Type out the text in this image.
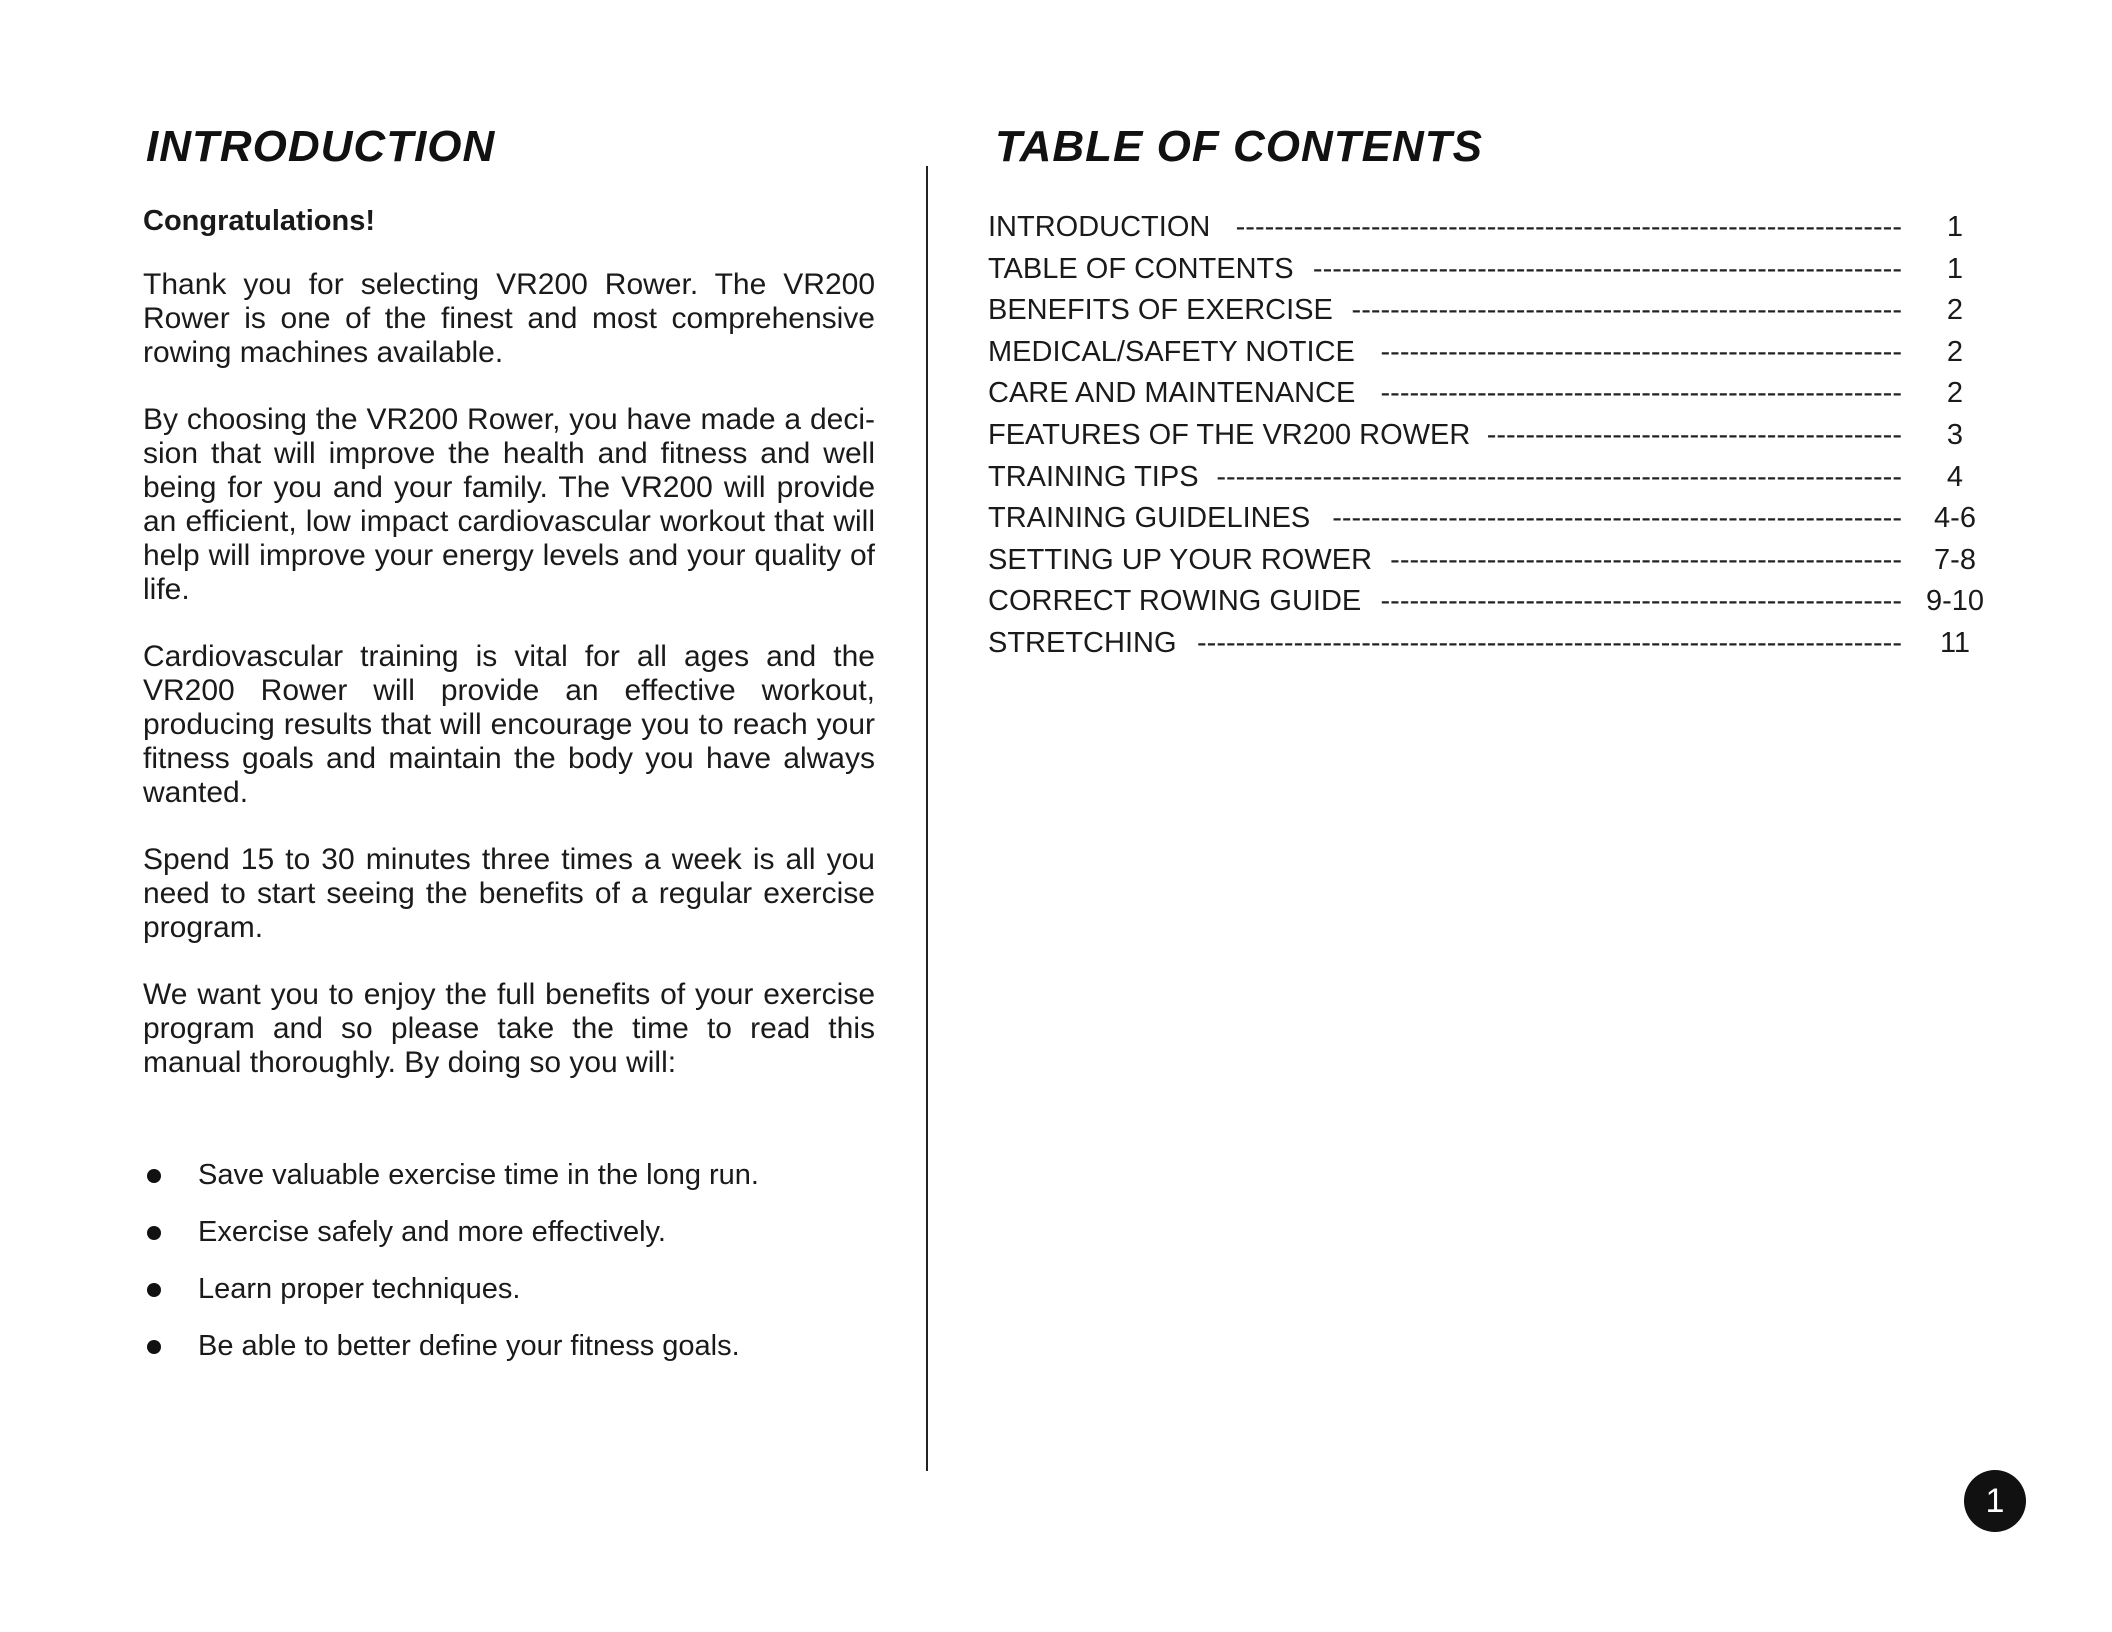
INTRODUCTION	TABLE OF CONTENTS

Congratulations!

Thank you for selecting VR200 Rower. The VR200 Rower is one of the finest and most comprehensive rowing machines available.

By choosing the VR200 Rower, you have made a deci- sion that will improve the health and fitness and well being for you and your family. The VR200 will provide an efficient, low impact cardiovascular workout that will help will improve your energy levels and your quality of life.

Cardiovascular training is vital for all ages and the VR200 Rower will provide an effective workout, producing results that will encourage you to reach your fitness goals and maintain the body you have always wanted.

Spend 15 to 30 minutes three times a week is all you need to start seeing the benefits of a regular exercise program.

We want you to enjoy the full benefits of your exercise program and so please take the time to read this manual thoroughly. By doing so you will:

Save valuable exercise time in the long run.
Exercise safely and more effectively.
Learn proper techniques.
Be able to better define your fitness goals.
INTRODUCTION ---------------------------------------------------------------------	1
TABLE OF CONTENTS -------------------------------------------------------------	1
BENEFITS OF EXERCISE ---------------------------------------------------------	2
MEDICAL/SAFETY NOTICE ------------------------------------------------------	2
CARE AND MAINTENANCE ------------------------------------------------------	2
FEATURES OF THE VR200 ROWER -------------------------------------------	3
TRAINING TIPS -----------------------------------------------------------------------	4
TRAINING GUIDELINES -----------------------------------------------------------	4-6
SETTING UP YOUR ROWER -----------------------------------------------------	7-8
CORRECT ROWING GUIDE ------------------------------------------------------ 9-10
STRETCHING -------------------------------------------------------------------------	11
1
